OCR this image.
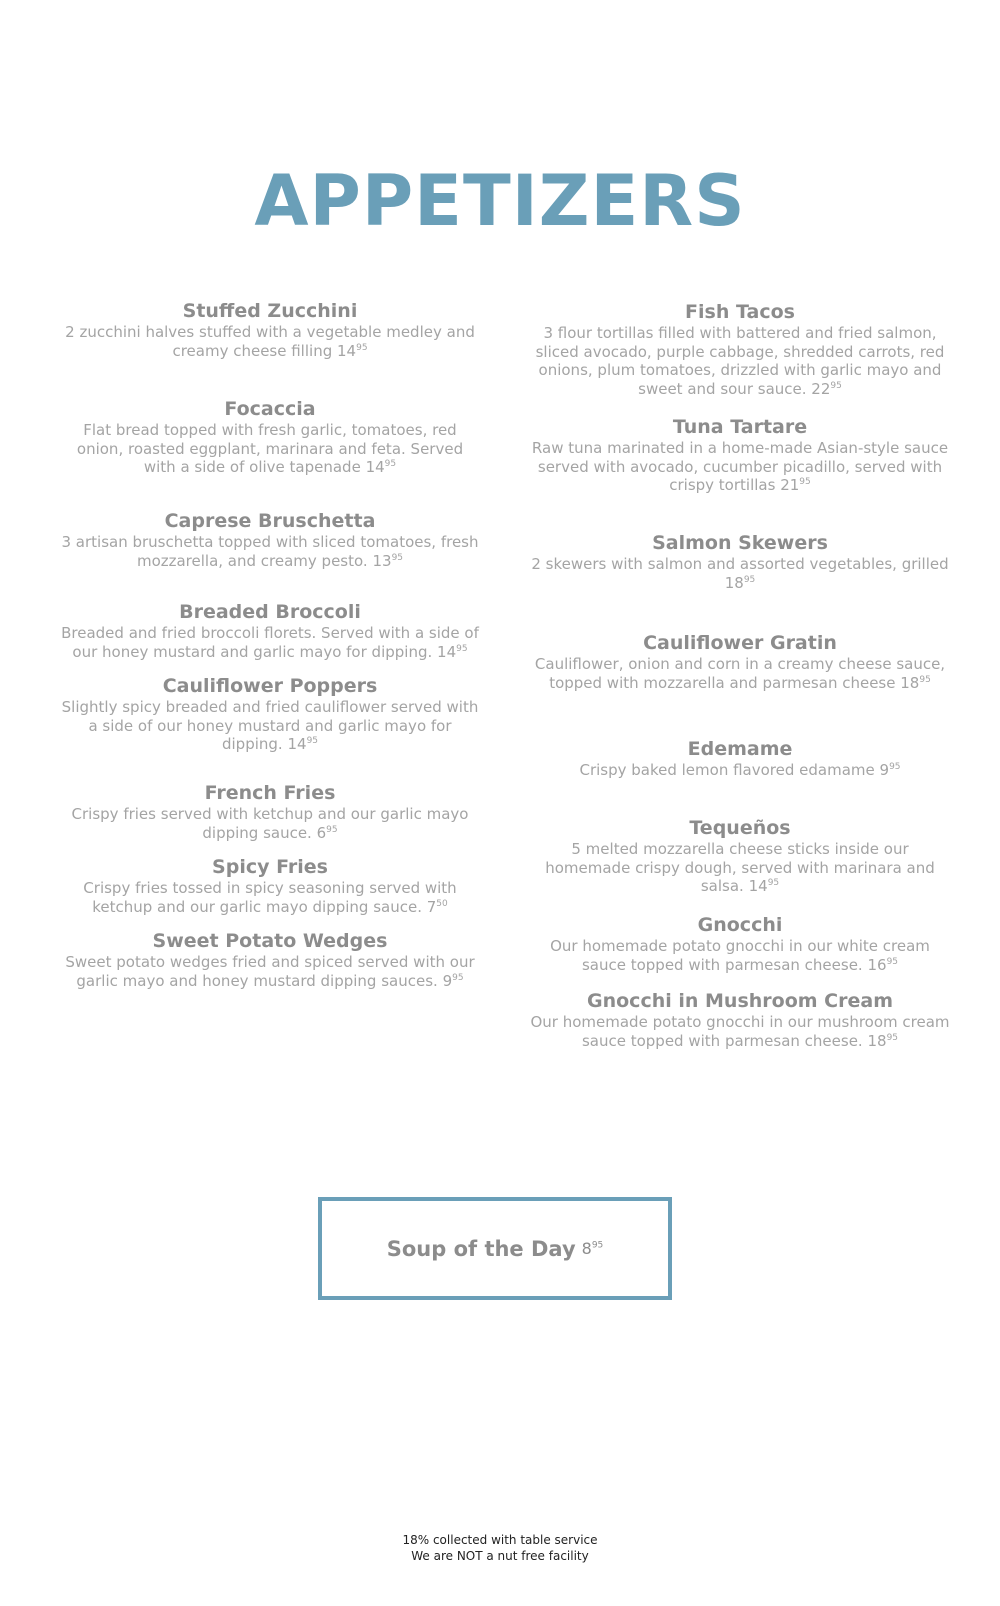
APPETIZERS
Stuffed Zucchini
2 zucchini halves stuffed with a vegetable medley and creamy cheese filling $14^{95}$
Focaccia
Flat bread topped with fresh garlic, tomatoes, red onion, roasted eggplant, marinara and feta. Served with a side of olive tapenade $14^{95}$
Caprese Bruschetta
3 artisan bruschetta topped with sliced tomatoes, fresh mozzarella, and creamy pesto. $13^{95}$
Breaded Broccoli
Breaded and fried broccoli florets. Served with a side of our honey mustard and garlic mayo for dipping. $14^{95}$
Cauliflower Poppers
Slightly spicy breaded and fried cauliflower served with a side of our honey mustard and garlic mayo for dipping. $14^{95}$
French Fries
Crispy fries served with ketchup and our garlic mayo dipping sauce. $6^{95}$
Spicy Fries
Crispy fries tossed in spicy seasoning served with ketchup and our garlic mayo dipping sauce. $7^{50}$
Sweet Potato Wedges
Sweet potato wedges fried and spiced served with our garlic mayo and honey mustard dipping sauces. $9^{95}$
Fish Tacos
3 flour tortillas filled with battered and fried salmon, sliced avocado, purple cabbage, shredded carrots, red onions, plum tomatoes, drizzled with garlic mayo and sweet and sour sauce. $22^{95}$
Tuna Tartare
Raw tuna marinated in a home-made Asian-style sauce served with avocado, cucumber picadillo, served with crispy tortillas $21^{95}$
Salmon Skewers
2 skewers with salmon and assorted vegetables, grilled $18^{95}$
Cauliflower Gratin
Cauliflower, onion and corn in a creamy cheese sauce, topped with mozzarella and parmesan cheese $18^{95}$
Edemame
Crispy baked lemon flavored edamame $9^{95}$
Tequeños
5 melted mozzarella cheese sticks inside our homemade crispy dough, served with marinara and salsa. $14^{95}$
Gnocchi
Our homemade potato gnocchi in our white cream sauce topped with parmesan cheese. $16^{95}$
Gnocchi in Mushroom Cream
Our homemade potato gnocchi in our mushroom cream sauce topped with parmesan cheese. $18^{95}$
Soup of the Day $8^{95}$
18% collected with table service
We are NOT a nut free facility
